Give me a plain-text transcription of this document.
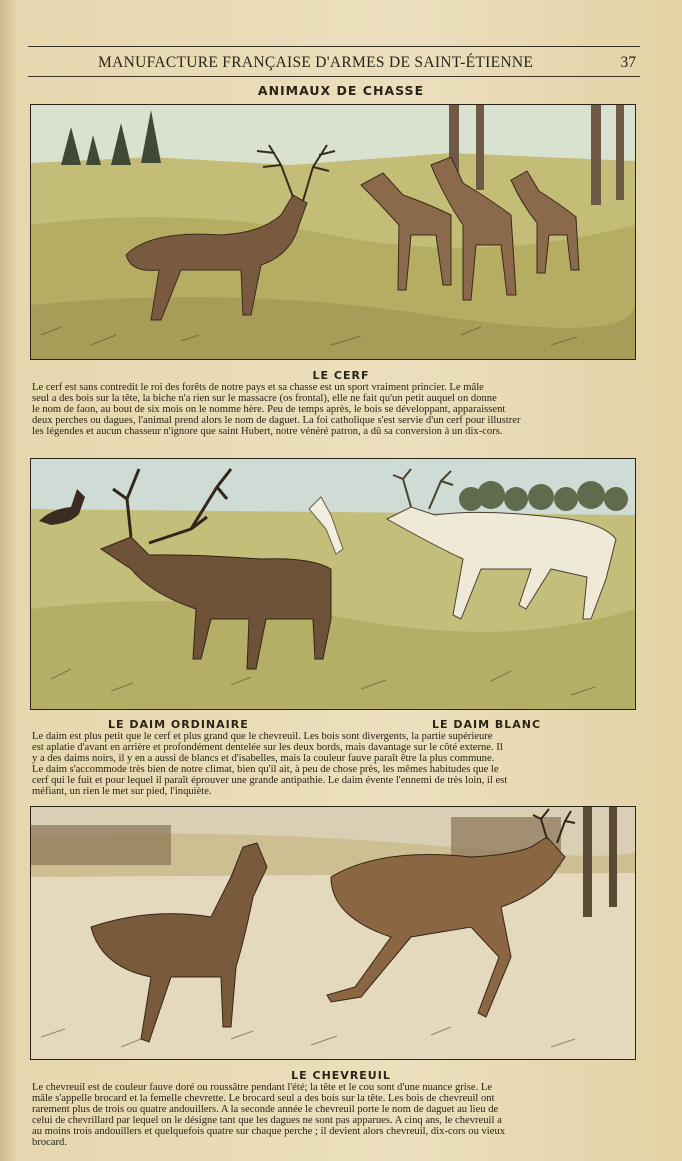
MANUFACTURE FRANÇAISE D'ARMES DE SAINT-ÉTIENNE	37
ANIMAUX DE CHASSE
LE CERF
Le cerf est sans contredit le roi des forêts de notre pays et sa chasse est un sport vraiment princier. Le mâle
seul a des bois sur la tête, la biche n'a rien sur le massacre (os frontal), elle ne fait qu'un petit auquel on donne
le nom de faon, au bout de six mois on le nomme hère. Peu de temps après, le bois se développant, apparaissent
deux perches ou dagues, l'animal prend alors le nom de daguet. La foi catholique s'est servie d'un cerf pour illustrer
les légendes et aucun chasseur n'ignore que saint Hubert, notre vénéré patron, a dû sa conversion à un dix-cors.
LE DAIM ORDINAIRE	LE DAIM BLANC
Le daim est plus petit que le cerf et plus grand que le chevreuil. Les bois sont divergents, la partie supérieure
est aplatie d'avant en arrière et profondément dentelée sur les deux bords, mais davantage sur le côté externe. Il
y a des daims noirs, il y en a aussi de blancs et d'isabelles, mais la couleur fauve paraît être la plus commune.
Le daim s'accommode très bien de notre climat, bien qu'il ait, à peu de chose près, les mêmes habitudes que le
cerf qui le fuit et pour lequel il paraît éprouver une grande antipathie. Le daim évente l'ennemi de très loin, il est
méfiant, un rien le met sur pied, l'inquiète.
LE CHEVREUIL
Le chevreuil est de couleur fauve doré ou roussâtre pendant l'été; la tête et le cou sont d'une nuance grise. Le
mâle s'appelle brocard et la femelle chevrette. Le brocard seul a des bois sur la tête. Les bois de chevreuil ont
rarement plus de trois ou quatre andouillers. A la seconde année le chevreuil porte le nom de daguet au lieu de
celui de chevrillard par lequel on le désigne tant que les dagues ne sont pas apparues. A cinq ans, le chevreuil a
au moins trois andouillers et quelquefois quatre sur chaque perche ; il devient alors chevreuil, dix-cors ou vieux
brocard.
